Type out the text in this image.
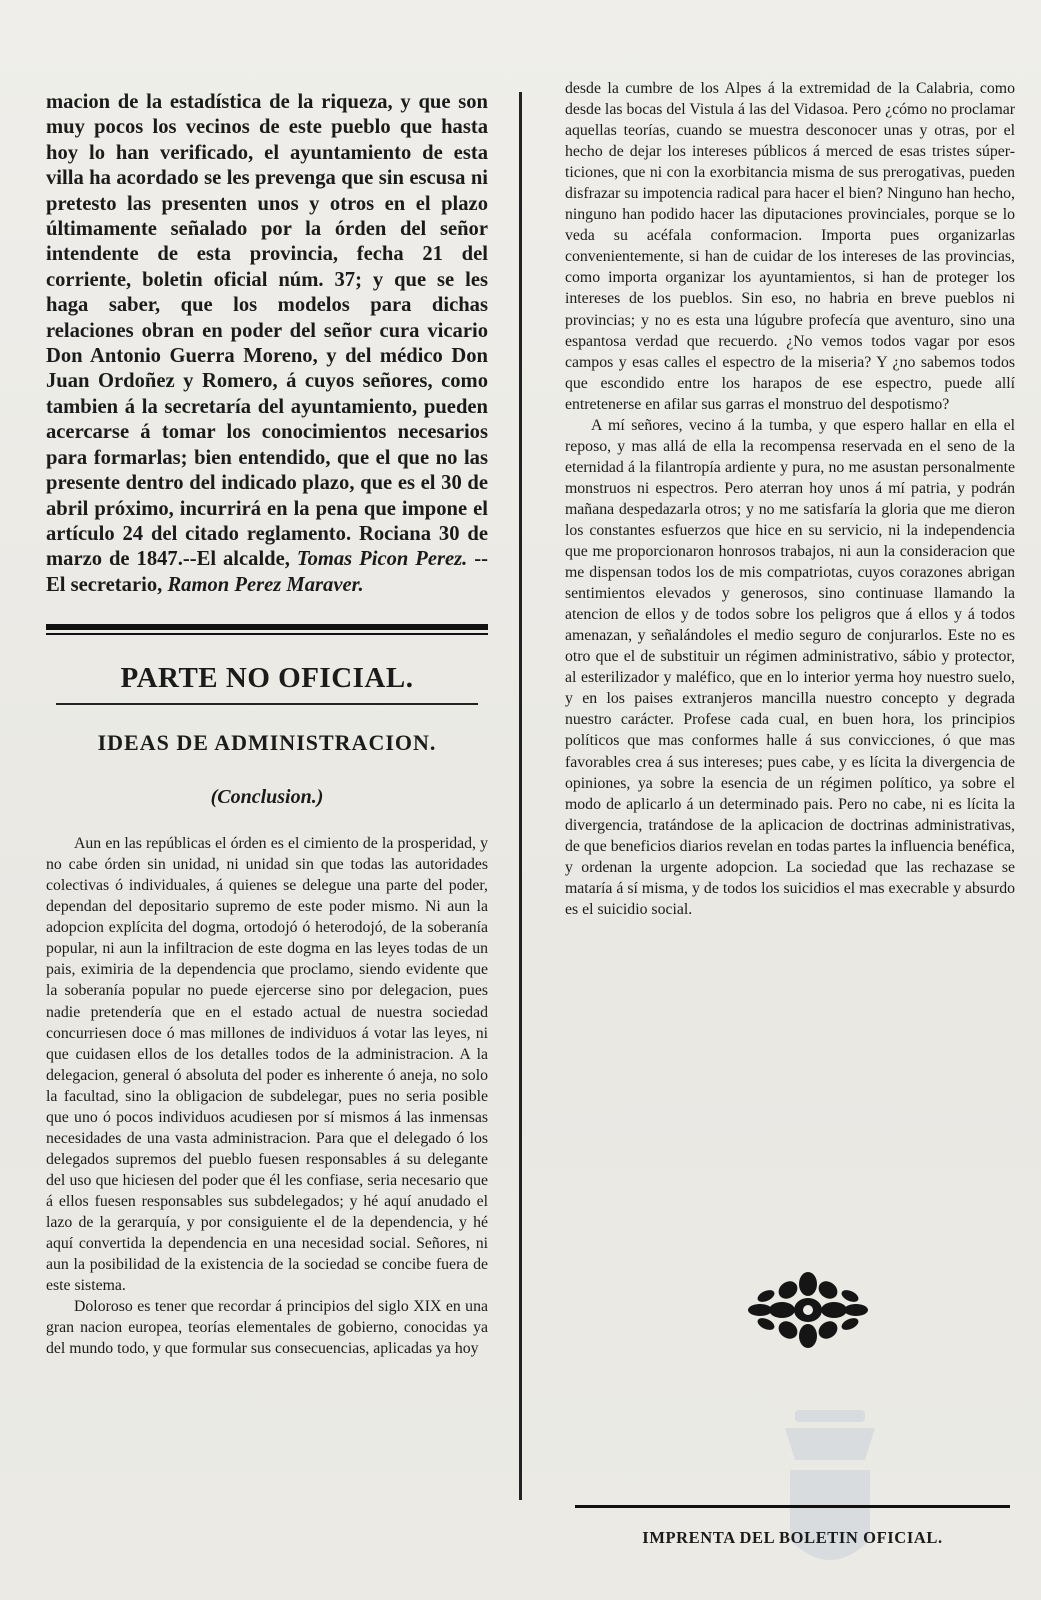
macion de la estadística de la riqueza, y que son muy pocos los vecinos de este pueblo que hasta hoy lo han verificado, el ayuntamiento de esta villa ha acordado se les prevenga que sin escusa ni pretesto las presenten unos y otros en el plazo últimamente señalado por la órden del señor intendente de esta provincia, fecha 21 del corriente, boletin oficial núm. 37; y que se les haga saber, que los modelos para dichas relaciones obran en poder del señor cura vicario Don Antonio Guerra Moreno, y del médico Don Juan Ordoñez y Romero, á cuyos señores, como tambien á la secretaría del ayuntamiento, pueden acercarse á tomar los conocimientos necesarios para formarlas; bien entendido, que el que no las presente dentro del indicado plazo, que es el 30 de abril próximo, incurrirá en la pena que impone el artículo 24 del citado reglamento. Rociana 30 de marzo de 1847.--El alcalde, Tomas Picon Perez. --El secretario, Ramon Perez Maraver.

PARTE NO OFICIAL.
IDEAS DE ADMINISTRACION.
(Conclusion.)

Aun en las repúblicas el órden es el cimiento de la prosperidad, y no cabe órden sin unidad, ni unidad sin que todas las autoridades colectivas ó individuales, á quienes se delegue una parte del poder, dependan del depositario supremo de este poder mismo. Ni aun la adopcion explícita del dogma, ortodojó ó heterodojó, de la soberanía popular, ni aun la infiltracion de este dogma en las leyes todas de un pais, eximiria de la dependencia que proclamo, siendo evidente que la soberanía popular no puede ejercerse sino por delegacion, pues nadie pretendería que en el estado actual de nuestra sociedad concurriesen doce ó mas millones de individuos á votar las leyes, ni que cuidasen ellos de los detalles todos de la administracion. A la delegacion, general ó absoluta del poder es inherente ó aneja, no solo la facultad, sino la obligacion de subdelegar, pues no seria posible que uno ó pocos individuos acudiesen por sí mismos á las inmensas necesidades de una vasta administracion. Para que el delegado ó los delegados supremos del pueblo fuesen responsables á su delegante del uso que hiciesen del poder que él les confiase, seria necesario que á ellos fuesen responsables sus subdelegados; y hé aquí anudado el lazo de la gerarquía, y por consiguiente el de la dependencia, y hé aquí convertida la dependencia en una necesidad social. Señores, ni aun la posibilidad de la existencia de la sociedad se concibe fuera de este sistema.

Doloroso es tener que recordar á principios del siglo XIX en una gran nacion europea, teorías elementales de gobierno, conocidas ya del mundo todo, y que formular sus consecuencias, aplicadas ya hoy

desde la cumbre de los Alpes á la extremidad de la Calabria, como desde las bocas del Vistula á las del Vidasoa. Pero ¿cómo no proclamar aquellas teorías, cuando se muestra desconocer unas y otras, por el hecho de dejar los intereses públicos á merced de esas tristes súper-ticiones, que ni con la exorbitancia misma de sus prerogativas, pueden disfrazar su impotencia radical para hacer el bien? Ninguno han hecho, ninguno han podido hacer las diputaciones provinciales, porque se lo veda su acéfala conformacion. Importa pues organizarlas convenientemente, si han de cuidar de los intereses de las provincias, como importa organizar los ayuntamientos, si han de proteger los intereses de los pueblos. Sin eso, no habria en breve pueblos ni provincias; y no es esta una lúgubre profecía que aventuro, sino una espantosa verdad que recuerdo. ¿No vemos todos vagar por esos campos y esas calles el espectro de la miseria? Y ¿no sabemos todos que escondido entre los harapos de ese espectro, puede allí entretenerse en afilar sus garras el monstruo del despotismo?

A mí señores, vecino á la tumba, y que espero hallar en ella el reposo, y mas allá de ella la recompensa reservada en el seno de la eternidad á la filantropía ardiente y pura, no me asustan personalmente monstruos ni espectros. Pero aterran hoy unos á mí patria, y podrán mañana despedazarla otros; y no me satisfaría la gloria que me dieron los constantes esfuerzos que hice en su servicio, ni la independencia que me proporcionaron honrosos trabajos, ni aun la consideracion que me dispensan todos los de mis compatriotas, cuyos corazones abrigan sentimientos elevados y generosos, sino continuase llamando la atencion de ellos y de todos sobre los peligros que á ellos y á todos amenazan, y señalándoles el medio seguro de conjurarlos. Este no es otro que el de substituir un régimen administrativo, sábio y protector, al esterilizador y maléfico, que en lo interior yerma hoy nuestro suelo, y en los paises extranjeros mancilla nuestro concepto y degrada nuestro carácter. Profese cada cual, en buen hora, los principios políticos que mas conformes halle á sus convicciones, ó que mas favorables crea á sus intereses; pues cabe, y es lícita la divergencia de opiniones, ya sobre la esencia de un régimen político, ya sobre el modo de aplicarlo á un determinado pais. Pero no cabe, ni es lícita la divergencia, tratándose de la aplicacion de doctrinas administrativas, de que beneficios diarios revelan en todas partes la influencia benéfica, y ordenan la urgente adopcion. La sociedad que las rechazase se mataría á sí misma, y de todos los suicidios el mas execrable y absurdo es el suicidio social.

IMPRENTA DEL BOLETIN OFICIAL.
